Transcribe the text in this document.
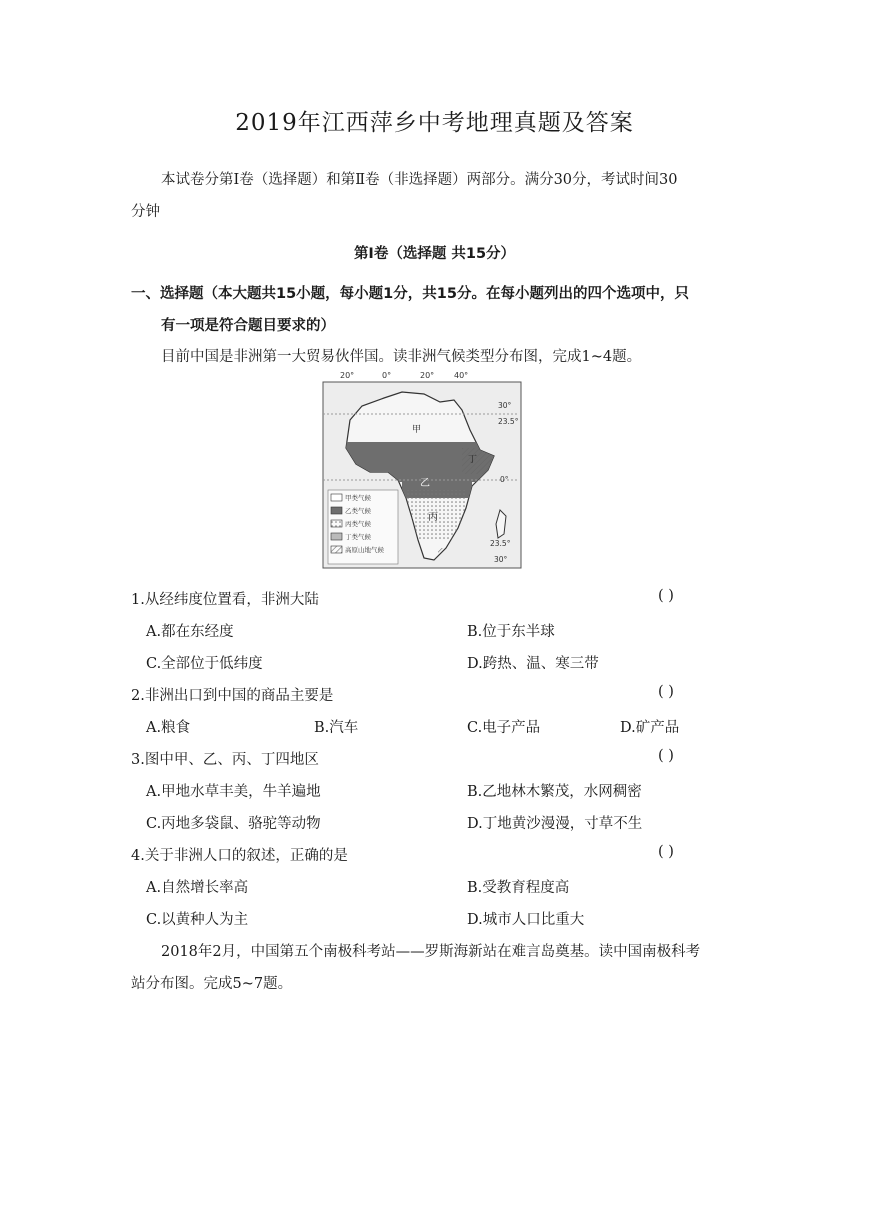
2019年江西萍乡中考地理真题及答案
本试卷分第Ⅰ卷（选择题）和第Ⅱ卷（非选择题）两部分。满分30分，考试时间30
分钟
第Ⅰ卷（选择题 共15分）
一、选择题（本大题共15小题，每小题1分，共15分。在每小题列出的四个选项中，只
有一项是符合题目要求的）
目前中国是非洲第一大贸易伙伴国。读非洲气候类型分布图，完成1~4题。
20°	0°	20° 40°
30°
23.5°
0°
23.5°
30°
甲
乙
丙
丁
甲类气候
乙类气候
丙类气候
丁类气候
高原山地气候
1.从经纬度位置看，非洲大陆	( )
A.都在东经度	B.位于东半球
C.全部位于低纬度	D.跨热、温、寒三带
2.非洲出口到中国的商品主要是	( )
A.粮食	B.汽车	C.电子产品	D.矿产品
3.图中甲、乙、丙、丁四地区	( )
A.甲地水草丰美，牛羊遍地	B.乙地林木繁茂，水网稠密
C.丙地多袋鼠、骆驼等动物	D.丁地黄沙漫漫，寸草不生
4.关于非洲人口的叙述，正确的是	( )
A.自然增长率高	B.受教育程度高
C.以黄种人为主	D.城市人口比重大
2018年2月，中国第五个南极科考站——罗斯海新站在难言岛奠基。读中国南极科考
站分布图。完成5~7题。
